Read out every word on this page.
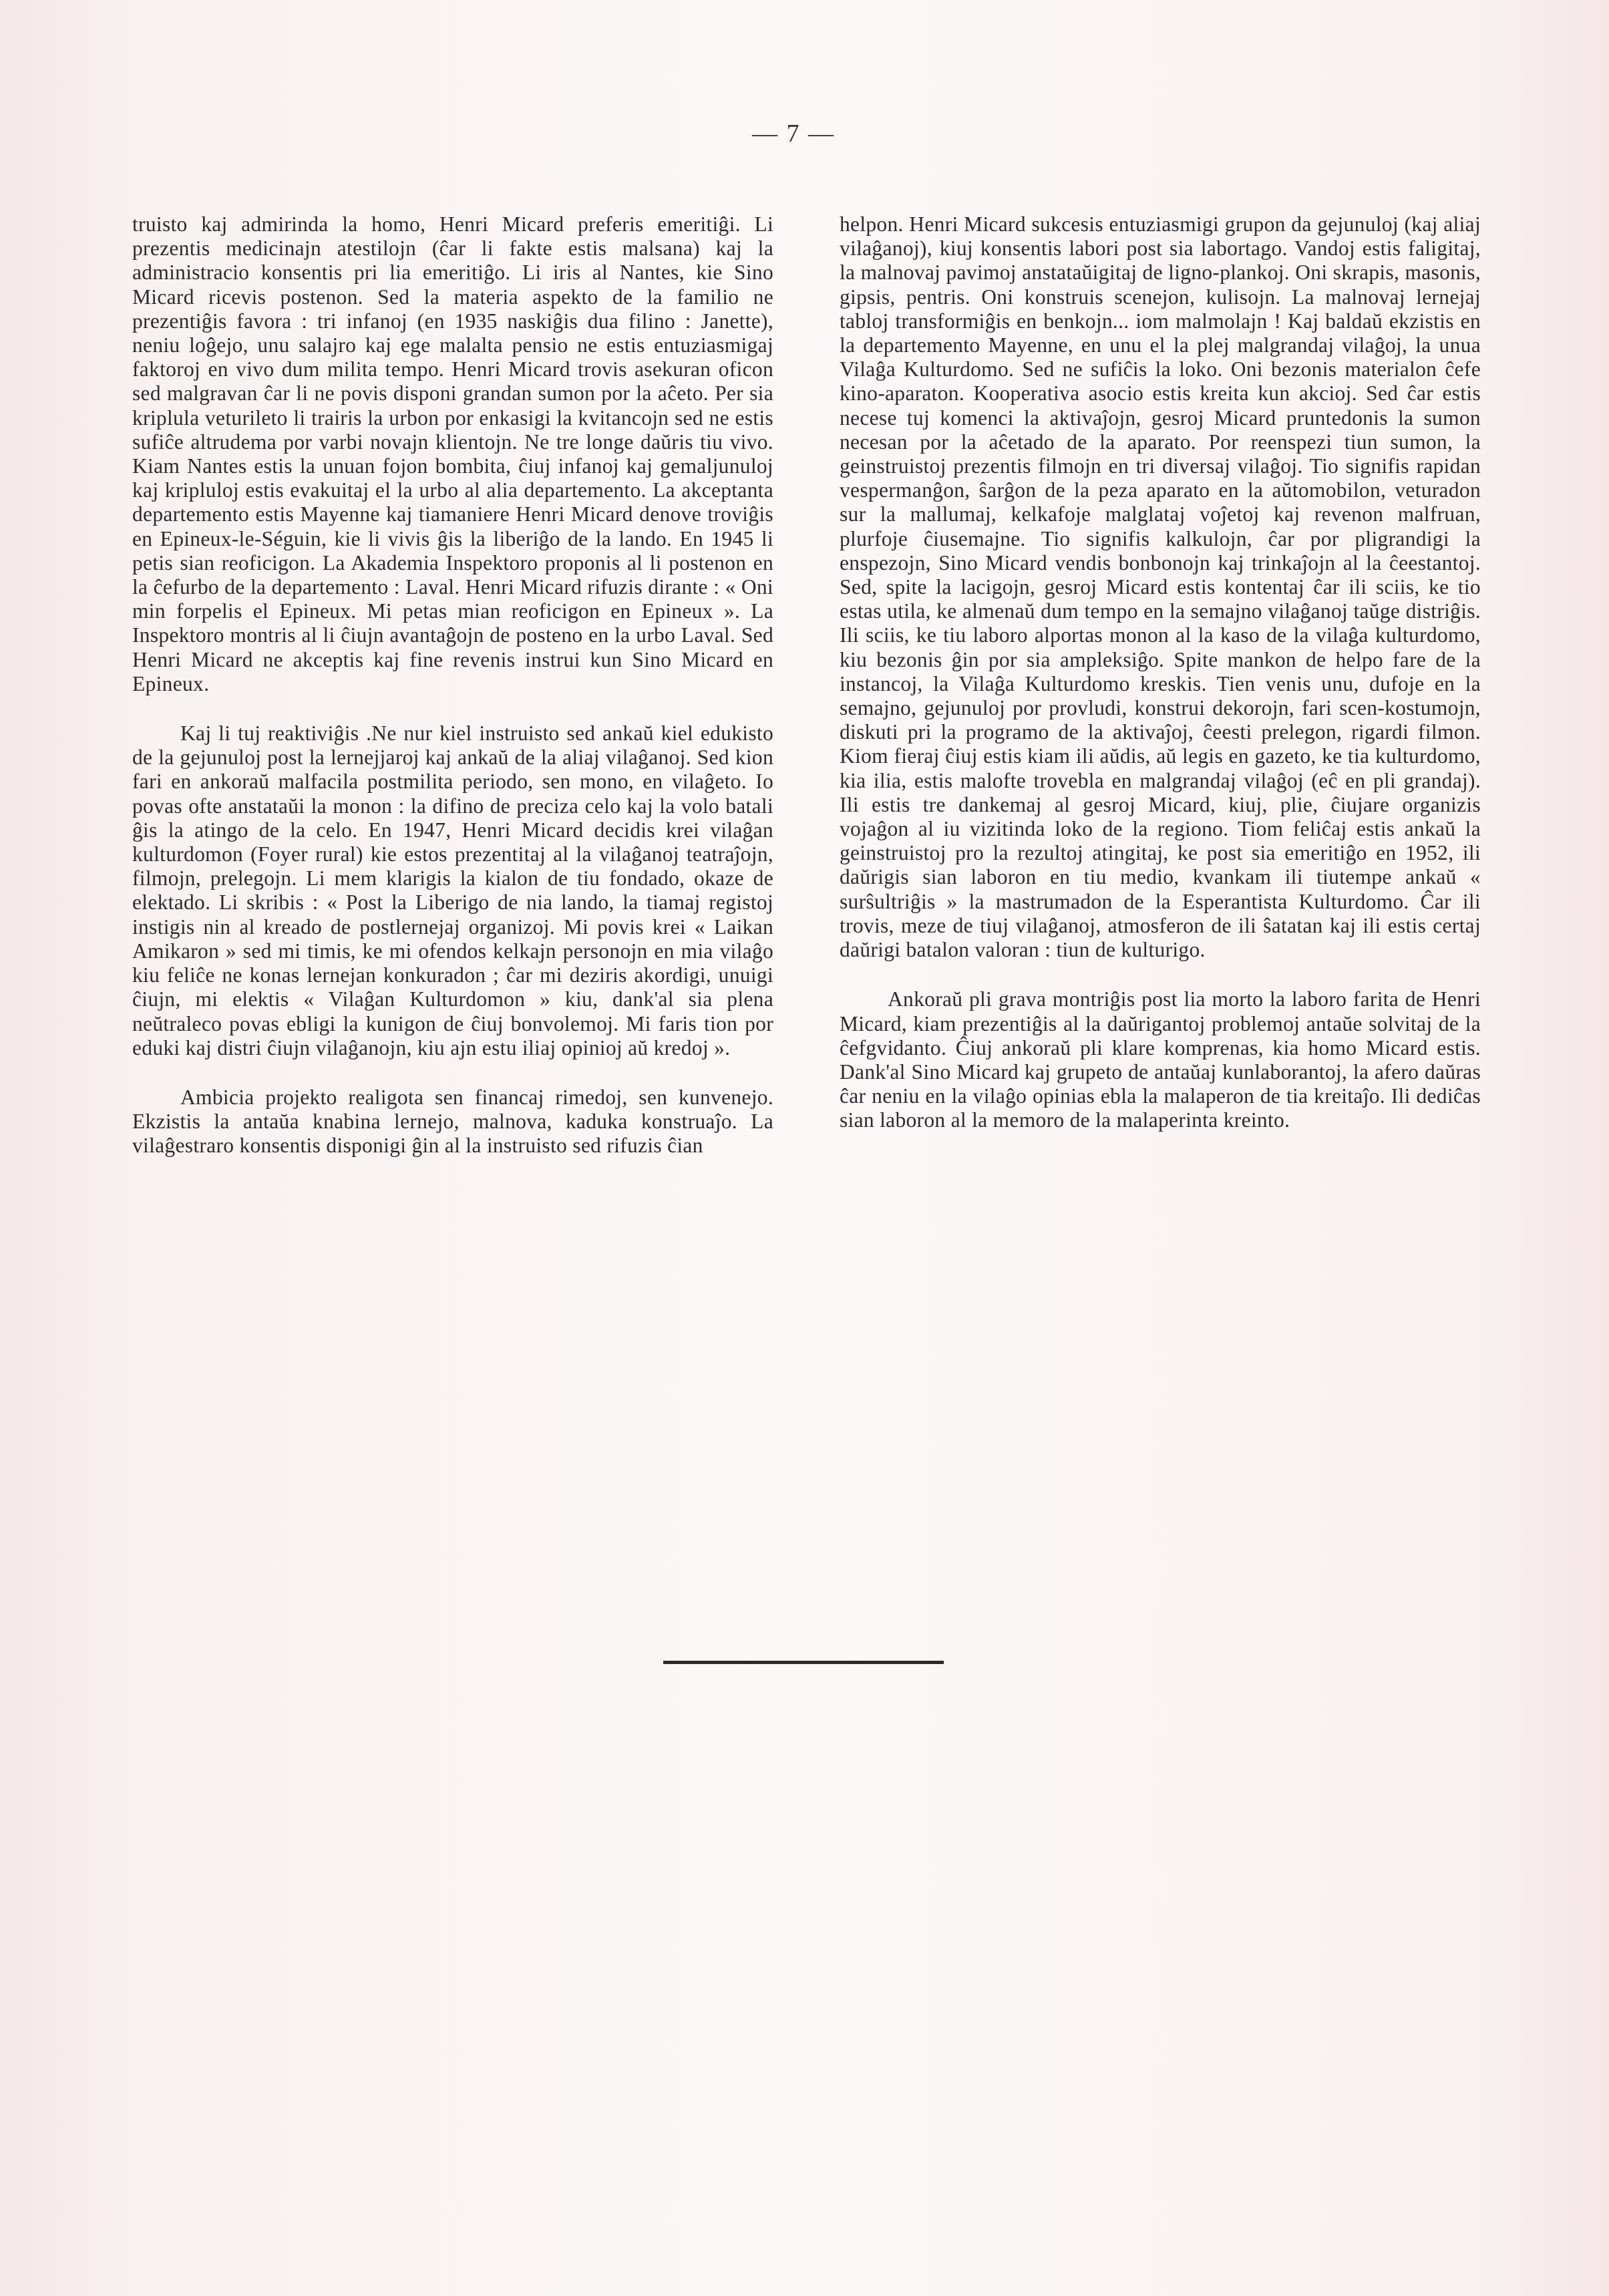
— 7 —

truisto kaj admirinda la homo, Henri Micard preferis emeritiĝi. Li prezentis medicinajn atestilojn (ĉar li fakte estis malsana) kaj la administracio konsentis pri lia emeritiĝo. Li iris al Nantes, kie Sino Micard ricevis postenon. Sed la materia aspekto de la familio ne prezentiĝis favora : tri infanoj (en 1935 naskiĝis dua filino : Janette), neniu loĝejo, unu salajro kaj ege malalta pensio ne estis entuziasmigaj faktoroj en vivo dum milita tempo. Henri Micard trovis asekuran oficon sed malgravan ĉar li ne povis disponi grandan sumon por la aĉeto. Per sia kriplula veturileto li trairis la urbon por enkasigi la kvitancojn sed ne estis sufiĉe altrudema por varbi novajn klientojn. Ne tre longe daŭris tiu vivo. Kiam Nantes estis la unuan fojon bombita, ĉiuj infanoj kaj gemaljunuloj kaj kripluloj estis evakuitaj el la urbo al alia departemento. La akceptanta departemento estis Mayenne kaj tiamaniere Henri Micard denove troviĝis en Epineux-le-Séguin, kie li vivis ĝis la liberiĝo de la lando. En 1945 li petis sian reoficigon. La Akademia Inspektoro proponis al li postenon en la ĉefurbo de la departemento : Laval. Henri Micard rifuzis dirante : « Oni min forpelis el Epineux. Mi petas mian reoficigon en Epineux ». La Inspektoro montris al li ĉiujn avantaĝojn de posteno en la urbo Laval. Sed Henri Micard ne akceptis kaj fine revenis instrui kun Sino Micard en Epineux.

Kaj li tuj reaktiviĝis .Ne nur kiel instruisto sed ankaŭ kiel edukisto de la gejunuloj post la lernejjaroj kaj ankaŭ de la aliaj vilaĝanoj. Sed kion fari en ankoraŭ malfacila postmilita periodo, sen mono, en vilaĝeto. Io povas ofte anstataŭi la monon : la difino de preciza celo kaj la volo batali ĝis la atingo de la celo. En 1947, Henri Micard decidis krei vilaĝan kulturdomon (Foyer rural) kie estos prezentitaj al la vilaĝanoj teatraĵojn, filmojn, prelegojn. Li mem klarigis la kialon de tiu fondado, okaze de elektado. Li skribis : « Post la Liberigo de nia lando, la tiamaj registoj instigis nin al kreado de postlernejaj organizoj. Mi povis krei « Laikan Amikaron » sed mi timis, ke mi ofendos kelkajn personojn en mia vilaĝo kiu feliĉe ne konas lernejan konkuradon ; ĉar mi deziris akordigi, unuigi ĉiujn, mi elektis « Vilaĝan Kulturdomon » kiu, dank'al sia plena neŭtraleco povas ebligi la kunigon de ĉiuj bonvolemoj. Mi faris tion por eduki kaj distri ĉiujn vilaĝanojn, kiu ajn estu iliaj opinioj aŭ kredoj ».

Ambicia projekto realigota sen financaj rimedoj, sen kunvenejo. Ekzistis la antaŭa knabina lernejo, malnova, kaduka konstruaĵo. La vilaĝestraro konsentis disponigi ĝin al la instruisto sed rifuzis ĉian

helpon. Henri Micard sukcesis entuziasmigi grupon da gejunuloj (kaj aliaj vilaĝanoj), kiuj konsentis labori post sia labortago. Vandoj estis faligitaj, la malnovaj pavimoj anstataŭigitaj de ligno-plankoj. Oni skrapis, masonis, gipsis, pentris. Oni konstruis scenejon, kulisojn. La malnovaj lernejaj tabloj transformiĝis en benkojn... iom malmolajn ! Kaj baldaŭ ekzistis en la departemento Mayenne, en unu el la plej malgrandaj vilaĝoj, la unua Vilaĝa Kulturdomo. Sed ne sufiĉis la loko. Oni bezonis materialon ĉefe kino-aparaton. Kooperativa asocio estis kreita kun akcioj. Sed ĉar estis necese tuj komenci la aktivaĵojn, gesroj Micard pruntedonis la sumon necesan por la aĉetado de la aparato. Por reenspezi tiun sumon, la geinstruistoj prezentis filmojn en tri diversaj vilaĝoj. Tio signifis rapidan vespermanĝon, ŝarĝon de la peza aparato en la aŭtomobilon, veturadon sur la mallumaj, kelkafoje malglataj voĵetoj kaj revenon malfruan, plurfoje ĉiusemajne. Tio signifis kalkulojn, ĉar por pligrandigi la enspezojn, Sino Micard vendis bonbonojn kaj trinkaĵojn al la ĉeestantoj. Sed, spite la lacigojn, gesroj Micard estis kontentaj ĉar ili sciis, ke tio estas utila, ke almenaŭ dum tempo en la semajno vilaĝanoj taŭge distriĝis. Ili sciis, ke tiu laboro alportas monon al la kaso de la vilaĝa kulturdomo, kiu bezonis ĝin por sia ampleksiĝo. Spite mankon de helpo fare de la instancoj, la Vilaĝa Kulturdomo kreskis. Tien venis unu, dufoje en la semajno, gejunuloj por provludi, konstrui dekorojn, fari scen-kostumojn, diskuti pri la programo de la aktivaĵoj, ĉeesti prelegon, rigardi filmon. Kiom fieraj ĉiuj estis kiam ili aŭdis, aŭ legis en gazeto, ke tia kulturdomo, kia ilia, estis malofte trovebla en malgrandaj vilaĝoj (eĉ en pli grandaj). Ili estis tre dankemaj al gesroj Micard, kiuj, plie, ĉiujare organizis vojaĝon al iu vizitinda loko de la regiono. Tiom feliĉaj estis ankaŭ la geinstruistoj pro la rezultoj atingitaj, ke post sia emeritiĝo en 1952, ili daŭrigis sian laboron en tiu medio, kvankam ili tiutempe ankaŭ « surŝultriĝis » la mastrumadon de la Esperantista Kulturdomo. Ĉar ili trovis, meze de tiuj vilaĝanoj, atmosferon de ili ŝatatan kaj ili estis certaj daŭrigi batalon valoran : tiun de kulturigo.

Ankoraŭ pli grava montriĝis post lia morto la laboro farita de Henri Micard, kiam prezentiĝis al la daŭrigantoj problemoj antaŭe solvitaj de la ĉefgvidanto. Ĉiuj ankoraŭ pli klare komprenas, kia homo Micard estis. Dank'al Sino Micard kaj grupeto de antaŭaj kunlaborantoj, la afero daŭras ĉar neniu en la vilaĝo opinias ebla la malaperon de tia kreitaĵo. Ili dediĉas sian laboron al la memoro de la malaperinta kreinto.
